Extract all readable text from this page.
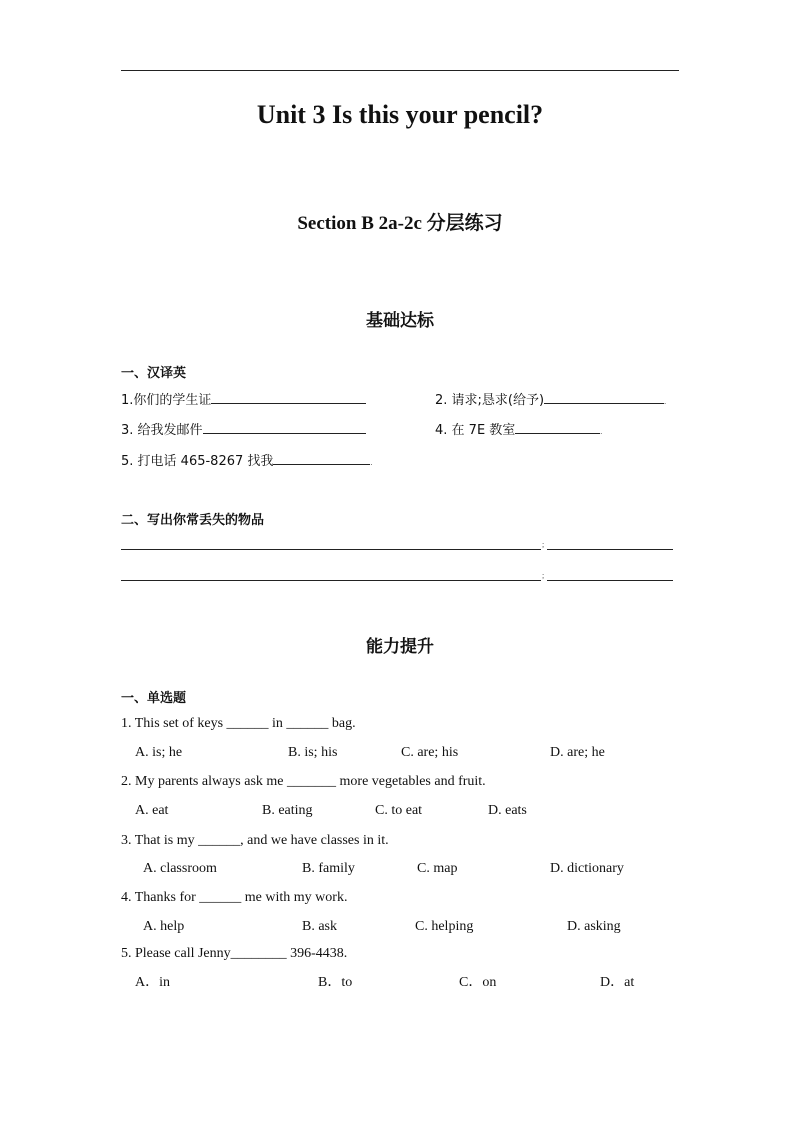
Unit 3 Is this your pencil?
Section B 2a-2c 分层练习
基础达标
一、汉译英
1.你们的学生证	2. 请求;恳求(给予)	.
3. 给我发邮件	4. 在 7E 教室	.
5. 打电话 465-8267 找我	.
二、写出你常丢失的物品
;
;
能力提升
一、单选题
1. This set of keys ______ in ______ bag.
A. is; he	B. is; his	C. are; his	D. are; he
2. My parents always ask me _______ more vegetables and fruit.
A. eat	B. eating	C. to eat	D. eats
3. That is my ______, and we have classes in it.
A. classroom	B. family	C. map	D. dictionary
4. Thanks for ______ me with my work.
A. help	B. ask	C. helping	D. asking
5. Please call Jenny________ 396-4438.
A．in	B．to	C．on	D．at
